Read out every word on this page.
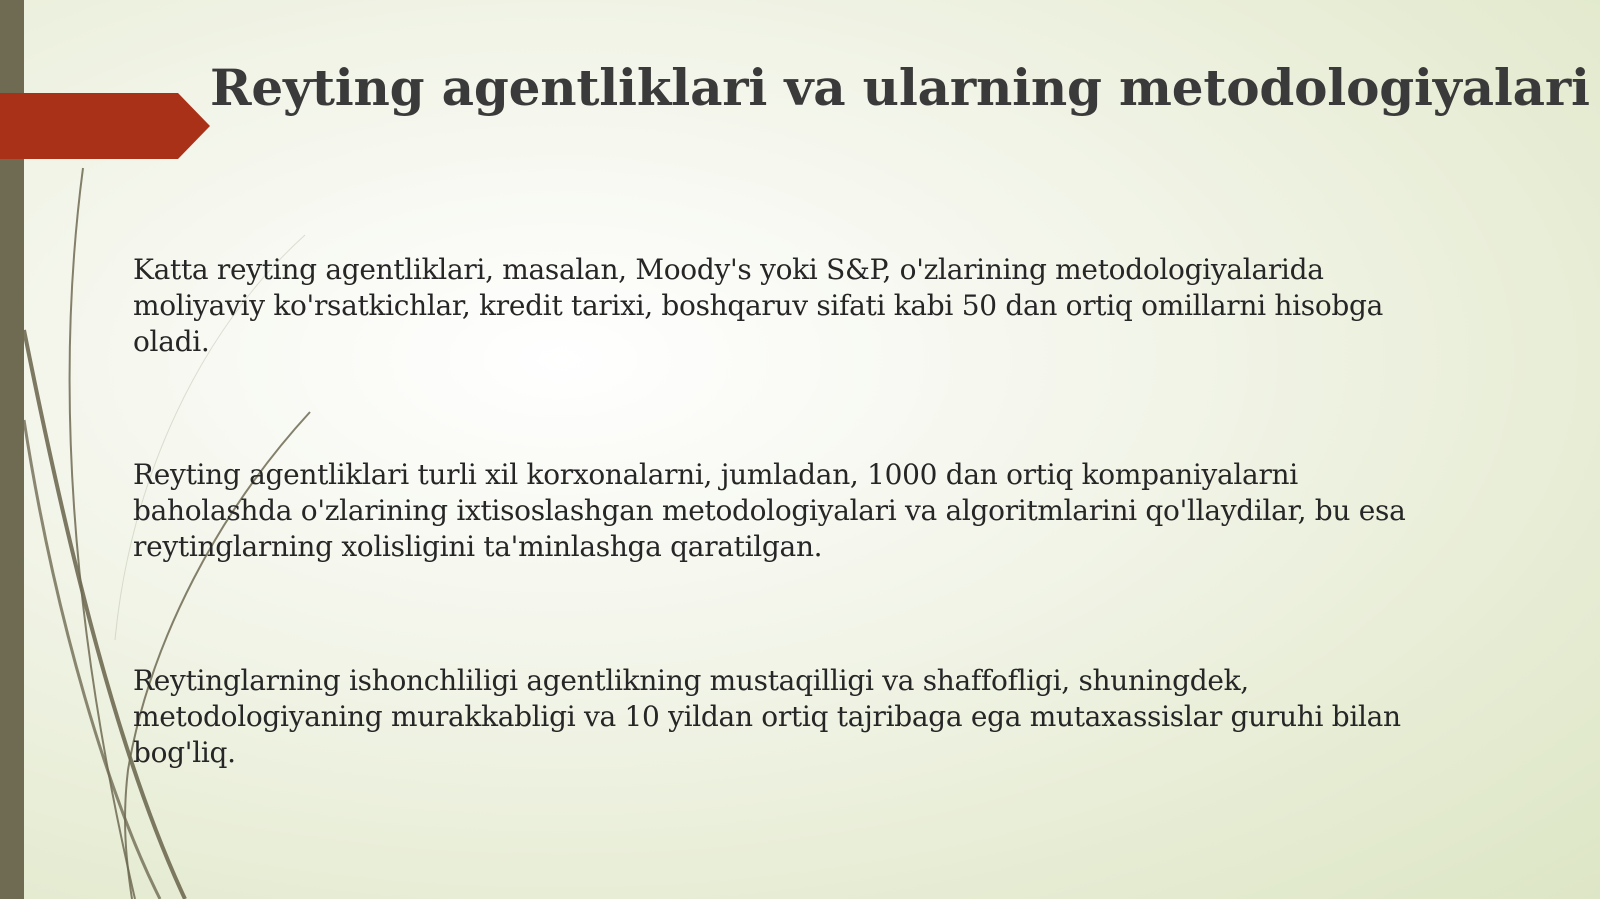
Reyting agentliklari va ularning metodologiyalari

Katta reyting agentliklari, masalan, Moody's yoki S&P, o'zlarining metodologiyalarida moliyaviy ko'rsatkichlar, kredit tarixi, boshqaruv sifati kabi 50 dan ortiq omillarni hisobga oladi.

Reyting agentliklari turli xil korxonalarni, jumladan, 1000 dan ortiq kompaniyalarni baholashda o'zlarining ixtisoslashgan metodologiyalari va algoritmlarini qo'llaydilar, bu esa reytinglarning xolisligini ta'minlashga qaratilgan.

Reytinglarning ishonchliligi agentlikning mustaqilligi va shaffofligi, shuningdek, metodologiyaning murakkabligi va 10 yildan ortiq tajribaga ega mutaxassislar guruhi bilan bog'liq.
